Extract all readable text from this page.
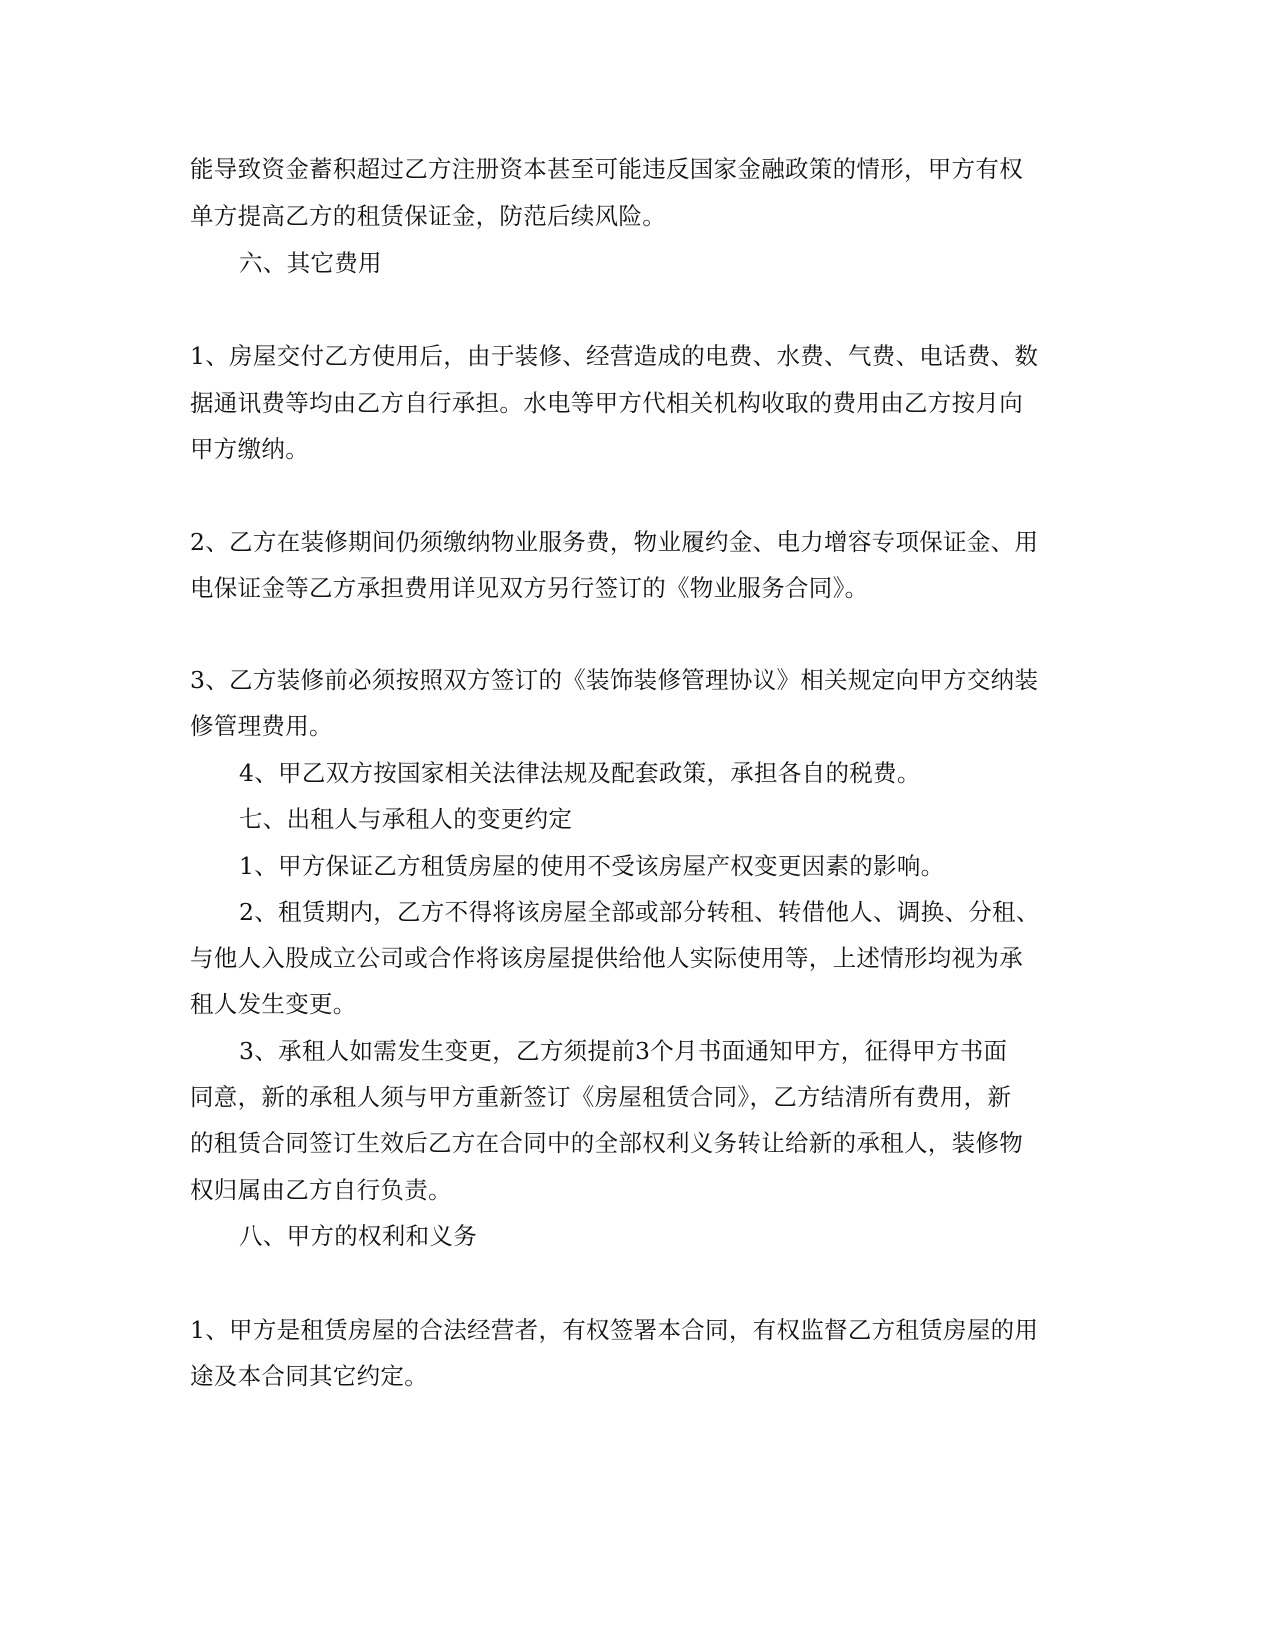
能导致资金蓄积超过乙方注册资本甚至可能违反国家金融政策的情形，甲方有权
单方提高乙方的租赁保证金，防范后续风险。
六、其它费用
1、房屋交付乙方使用后，由于装修、经营造成的电费、水费、气费、电话费、数
据通讯费等均由乙方自行承担。水电等甲方代相关机构收取的费用由乙方按月向
甲方缴纳。
2、乙方在装修期间仍须缴纳物业服务费，物业履约金、电力增容专项保证金、用
电保证金等乙方承担费用详见双方另行签订的《物业服务合同》。
3、乙方装修前必须按照双方签订的《装饰装修管理协议》相关规定向甲方交纳装
修管理费用。
4、甲乙双方按国家相关法律法规及配套政策，承担各自的税费。
七、出租人与承租人的变更约定
1、甲方保证乙方租赁房屋的使用不受该房屋产权变更因素的影响。
2、租赁期内，乙方不得将该房屋全部或部分转租、转借他人、调换、分租、
与他人入股成立公司或合作将该房屋提供给他人实际使用等，上述情形均视为承
租人发生变更。
3、承租人如需发生变更，乙方须提前3个月书面通知甲方，征得甲方书面
同意，新的承租人须与甲方重新签订《房屋租赁合同》，乙方结清所有费用，新
的租赁合同签订生效后乙方在合同中的全部权利义务转让给新的承租人，装修物
权归属由乙方自行负责。
八、甲方的权利和义务
1、甲方是租赁房屋的合法经营者，有权签署本合同，有权监督乙方租赁房屋的用
途及本合同其它约定。
